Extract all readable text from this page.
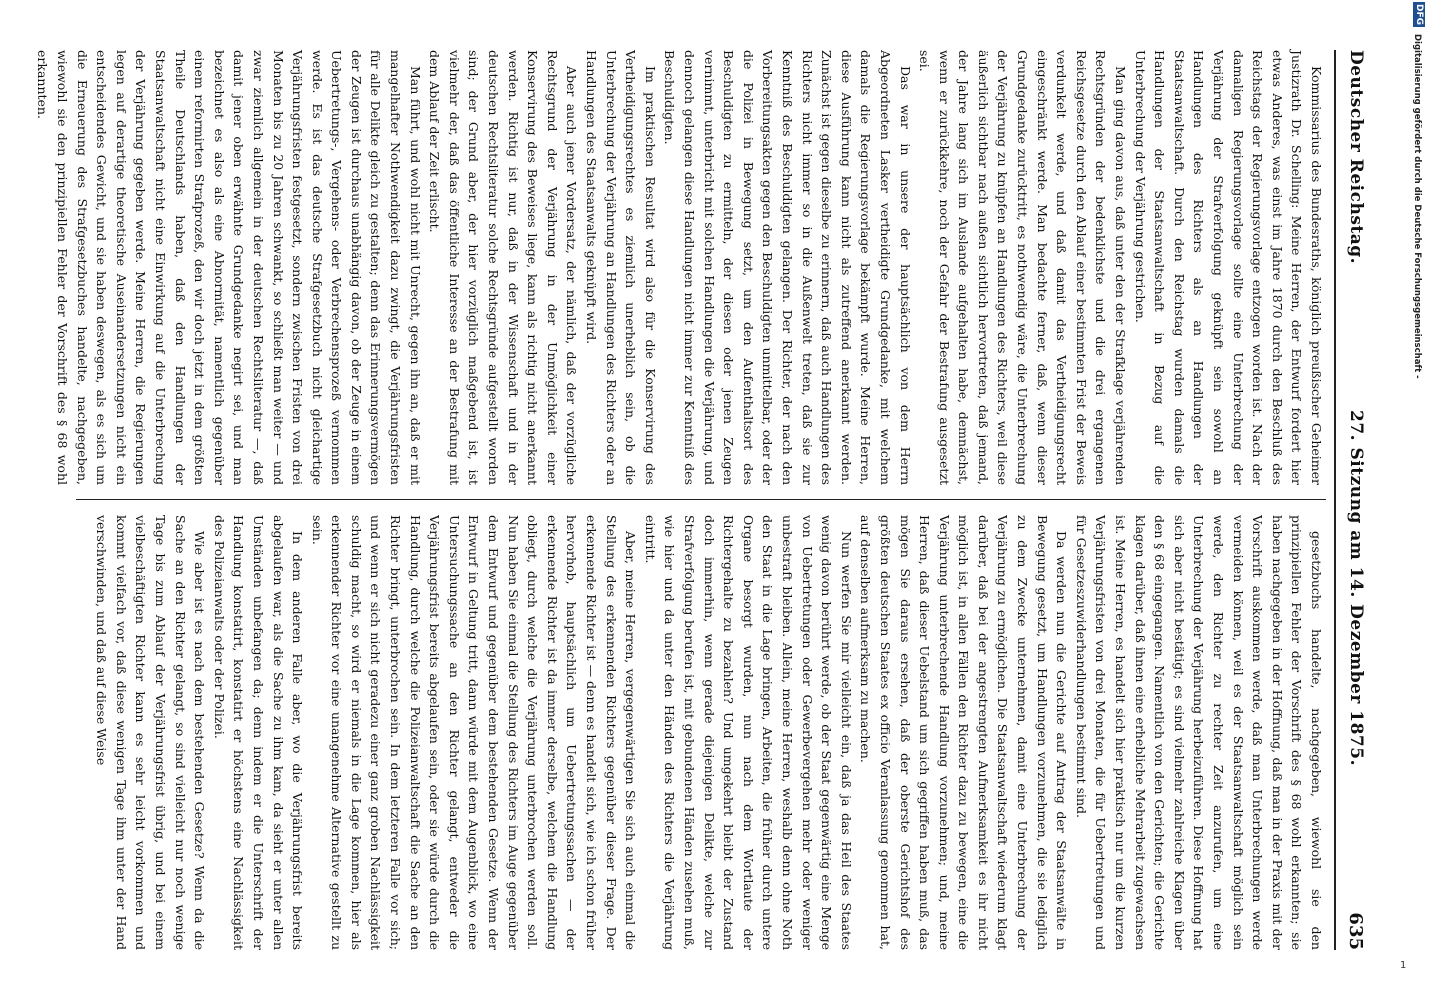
Deutscher Reichstag.
27. Sitzung am 14. Dezember 1875.
635

Kommissarius des Bundesraths, königlich preußischer Geheimer Justizrath Dr. Schelling: Meine Herren, der Entwurf fordert hier etwas Anderes, was einst im Jahre 1870 durch den Beschluß des Reichstags der Regierungsvorlage entzogen worden ist. Nach der damaligen Regierungsvorlage sollte eine Unterbrechung der Verjährung der Strafverfolgung geknüpft sein sowohl an Handlungen des Richters als an Handlungen der Staatsanwaltschaft. Durch den Reichstag wurden damals die Handlungen der Staatsanwaltschaft in Bezug auf die Unterbrechung der Verjährung gestrichen.

Man ging davon aus, daß unter den der Strafklage verjährenden Rechtsgründen der bedenklichste und die drei ergangenen Reichsgesetze durch den Ablauf einer bestimmten Frist der Beweis verdunkelt werde, und daß damit das Vertheidigungsrecht eingeschränkt werde. Man bedachte ferner, daß, wenn dieser Grundgedanke zurücktritt, es nothwendig wäre, die Unterbrechung der Verjährung zu knüpfen an Handlungen des Richters, weil diese äußerlich sichtbar nach außen sichtlich hervortreten, daß jemand, der Jahre lang sich im Auslande aufgehalten habe, demnächst, wenn er zurückkehre, noch der Gefahr der Bestrafung ausgesetzt sei.

Das war in unsere der hauptsächlich von dem Herrn Abgeordneten Lasker vertheidigte Grundgedanke, mit welchem damals die Regierungsvorlage bekämpft wurde. Meine Herren, diese Ausführung kann nicht als zutreffend anerkannt werden. Zunächst ist gegen dieselbe zu erinnern, daß auch Handlungen des Richters nicht immer so in die Außenwelt treten, daß sie zur Kenntniß des Beschuldigten gelangen. Der Richter, der nach den Vorbereitungsakten gegen den Beschuldigten unmittelbar, oder der die Polizei in Bewegung setzt, um den Aufenthaltsort des Beschuldigten zu ermitteln, der diesen oder jenen Zeugen vernimmt, unterbricht mit solchen Handlungen die Verjährung, und dennoch gelangen diese Handlungen nicht immer zur Kenntniß des Beschuldigten.

Im praktischen Resultat wird also für die Konservirung des Vertheidigungsrechtes es ziemlich unerheblich sein, ob die Unterbrechung der Verjährung an Handlungen des Richters oder an Handlungen des Staatsanwalts geknüpft wird.

Aber auch jener Vordersatz, der nämlich, daß der vorzügliche Rechtsgrund der Verjährung in der Unmöglichkeit einer Konservirung des Beweises liege, kann als richtig nicht anerkannt werden. Richtig ist nur, daß in der Wissenschaft und in der deutschen Rechtsliteratur solche Rechtsgründe aufgestellt worden sind; der Grund aber, der hier vorzüglich maßgebend ist, ist vielmehr der, daß das öffentliche Interesse an der Bestrafung mit dem Ablauf der Zeit erlischt.

Man führt, und wohl nicht mit Unrecht, gegen ihn an, daß er mit mangelhafter Nothwendigkeit dazu zwingt, die Verjährungsfristen für alle Delikte gleich zu gestalten; denn das Erinnerungsvermögen der Zeugen ist durchaus unabhängig davon, ob der Zeuge in einem Uebertretungs-, Vergehens- oder Verbrechensprozeß vernommen werde. Es ist das deutsche Strafgesetzbuch nicht gleichartige Verjährungsfristen festgesetzt, sondern zwischen Fristen von drei Monaten bis zu 20 Jahren schwankt, so schließt man weiter — und zwar ziemlich allgemein in der deutschen Rechtsliteratur —, daß damit jener oben erwähnte Grundgedanke negirt sei, und man bezeichnet es also als eine Abnormität, namentlich gegenüber einem reformirten Strafprozeß, den wir doch jetzt in dem größten Theile Deutschlands haben, daß den Handlungen der Staatsanwaltschaft nicht eine Einwirkung auf die Unterbrechung der Verjährung gegeben werde. Meine Herren, die Regierungen legen auf derartige theoretische Auseinandersetzungen nicht ein entscheidendes Gewicht, und sie haben deswegen, als es sich um die Erneuerung des Strafgesetzbuches handelte, nachgegeben, wiewohl sie den prinzipiellen Fehler der Vorschrift des § 68 wohl erkannten.

gesetzbuchs handelte, nachgegeben, wiewohl sie den prinzipiellen Fehler der Vorschrift des § 68 wohl erkannten; sie haben nachgegeben in der Hoffnung, daß man in der Praxis mit der Vorschrift auskommen werde, daß man Unterbrechungen werde vermeiden können, weil es der Staatsanwaltschaft möglich sein werde, den Richter zu rechter Zeit anzurufen, um eine Unterbrechung der Verjährung herbeizuführen. Diese Hoffnung hat sich aber nicht bestätigt; es sind vielmehr zahlreiche Klagen über den § 68 eingegangen. Namentlich von den Gerichten; die Gerichte klagen darüber, daß ihnen eine erhebliche Mehrarbeit zugewachsen ist. Meine Herren, es handelt sich hier praktisch nur um die kurzen Verjährungsfristen von drei Monaten, die für Uebertretungen und für Gesetzeszuwiderhandlungen bestimmt sind.

Da werden nun die Gerichte auf Antrag der Staatsanwälte in Bewegung gesetzt, um Handlungen vorzunehmen, die sie lediglich zu dem Zwecke unternehmen, damit eine Unterbrechung der Verjährung zu ermöglichen. Die Staatsanwaltschaft wiederum klagt darüber, daß bei der angestrengten Aufmerksamkeit es ihr nicht möglich ist, in allen Fällen den Richter dazu zu bewegen, eine die Verjährung unterbrechende Handlung vorzunehmen; und, meine Herren, daß dieser Uebelstand um sich gegriffen haben muß, das mögen Sie daraus ersehen, daß der oberste Gerichtshof des größten deutschen Staates ex officio Veranlassung genommen hat, auf denselben aufmerksam zu machen.

Nun werfen Sie mir vielleicht ein, daß ja das Heil des Staates wenig davon berührt werde, ob der Staat gegenwärtig eine Menge von Uebertretungen oder Gewerbevergehen mehr oder weniger unbestraft bleiben. Allein, meine Herren, weshalb denn ohne Noth den Staat in die Lage bringen, Arbeiten, die früher durch untere Organe besorgt wurden, nun nach dem Wortlaute der Richtergehalte zu bezahlen? Und umgekehrt bleibt der Zustand doch immerhin, wenn gerade diejenigen Delikte, welche zur Strafverfolgung berufen ist, mit gebundenen Händen zusehen muß, wie hier und da unter den Händen des Richters die Verjährung eintritt.

Aber, meine Herren, vergegenwärtigen Sie sich auch einmal die Stellung des erkennenden Richters gegenüber dieser Frage. Der erkennende Richter ist — denn es handelt sich, wie ich schon früher hervorhob, hauptsächlich um Uebertretungssachen — der erkennende Richter ist da immer derselbe, welchem die Handlung obliegt, durch welche die Verjährung unterbrochen werden soll. Nun haben Sie einmal die Stellung des Richters im Auge gegenüber dem Entwurf und gegenüber dem bestehenden Gesetze. Wenn der Entwurf in Geltung tritt, dann würde mit dem Augenblick, wo eine Untersuchungssache an den Richter gelangt, entweder die Verjährungsfrist bereits abgelaufen sein, oder sie würde durch die Handlung, durch welche die Polizeianwaltschaft die Sache an den Richter bringt, unterbrochen sein. In dem letzteren Falle vor sich; und wenn er sich nicht geradezu einer ganz groben Nachlässigkeit schuldig macht, so wird er niemals in die Lage kommen, hier als erkennender Richter vor eine unangenehme Alternative gestellt zu sein.

In dem anderen Falle aber, wo die Verjährungsfrist bereits abgelaufen war, als die Sache zu ihm kam, da sieht er unter allen Umständen unbefangen da; denn indem er die Unterschrift der Handlung konstatirt, konstatirt er höchstens eine Nachlässigkeit des Polizeianwalts oder der Polizei.

Wie aber ist es nach dem bestehenden Gesetze? Wenn da die Sache an den Richter gelangt, so sind vielleicht nur noch wenige Tage bis zum Ablauf der Verjährungsfrist übrig, und bei einem vielbeschäftigten Richter kann es sehr leicht vorkommen und kommt vielfach vor, daß diese wenigen Tage ihm unter der Hand verschwinden, und daß auf diese Weise

DFG
Digitalisierung gefördert durch die Deutsche Forschungsgemeinschaft -
1
